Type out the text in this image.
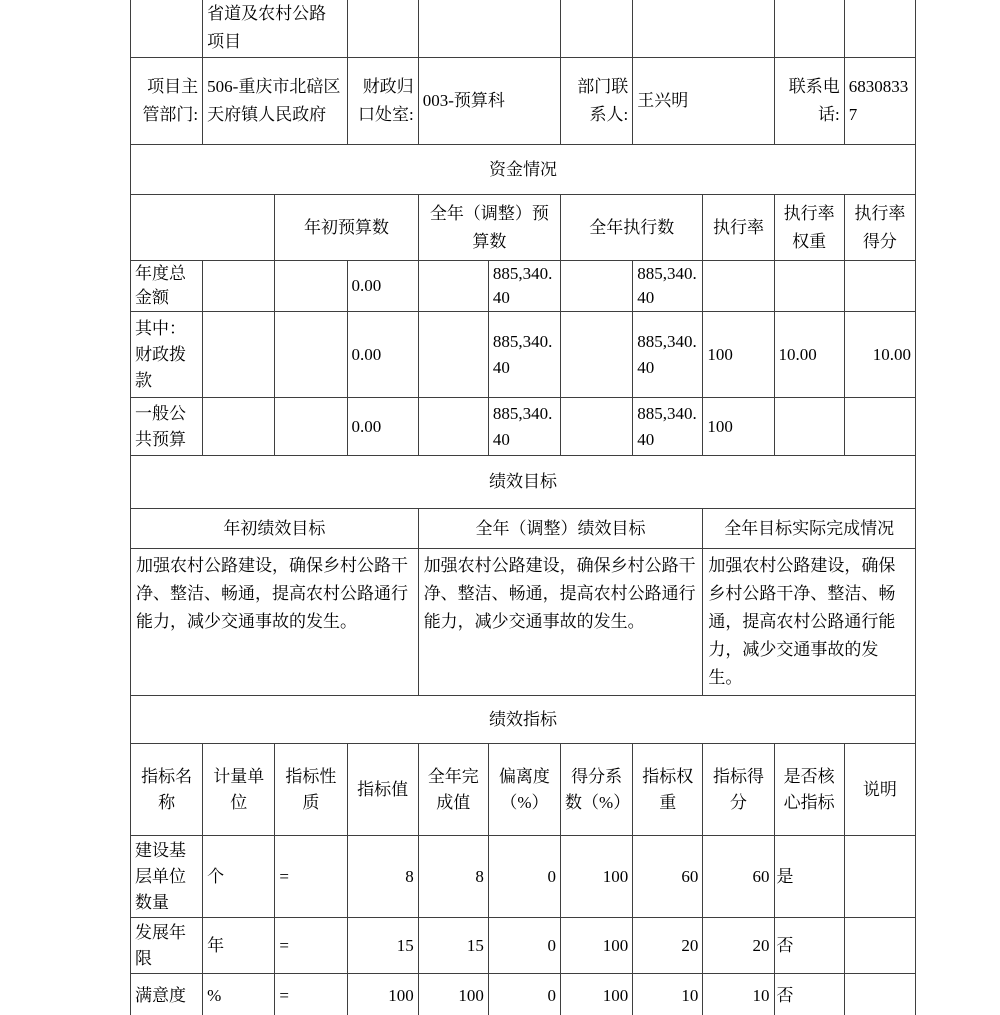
	省道及农村公路项目									
项目主管部门:	506-重庆市北碚区天府镇人民政府		财政归口处室:	003-预算科		部门联系人:	王兴明		联系电话:	68308337
资金情况										
		年初预算数		全年（调整）预算数		全年执行数		执行率	执行率权重	执行率得分
年度总金额			0.00		885,340.40		885,340.40			
其中：财政拨款			0.00		885,340.40		885,340.40	100	10.00	10.00
一般公共预算			0.00		885,340.40		885,340.40	100		
绩效目标										
年初绩效目标				全年（调整）绩效目标				全年目标实际完成情况		
加强农村公路建设，确保乡村公路干净、整洁、畅通，提高农村公路通行能力，减少交通事故的发生。				加强农村公路建设，确保乡村公路干净、整洁、畅通，提高农村公路通行能力，减少交通事故的发生。				加强农村公路建设，确保乡村公路干净、整洁、畅通，提高农村公路通行能力，减少交通事故的发生。		
绩效指标										
指标名称	计量单位	指标性质	指标值	全年完成值	偏离度（%）	得分系数（%）	指标权重	指标得分	是否核心指标	说明
建设基层单位数量	个	=	8	8	0	100	60	60	是	
发展年限	年	=	15	15	0	100	20	20	否	
满意度	%	=	100	100	0	100	10	10	否	
